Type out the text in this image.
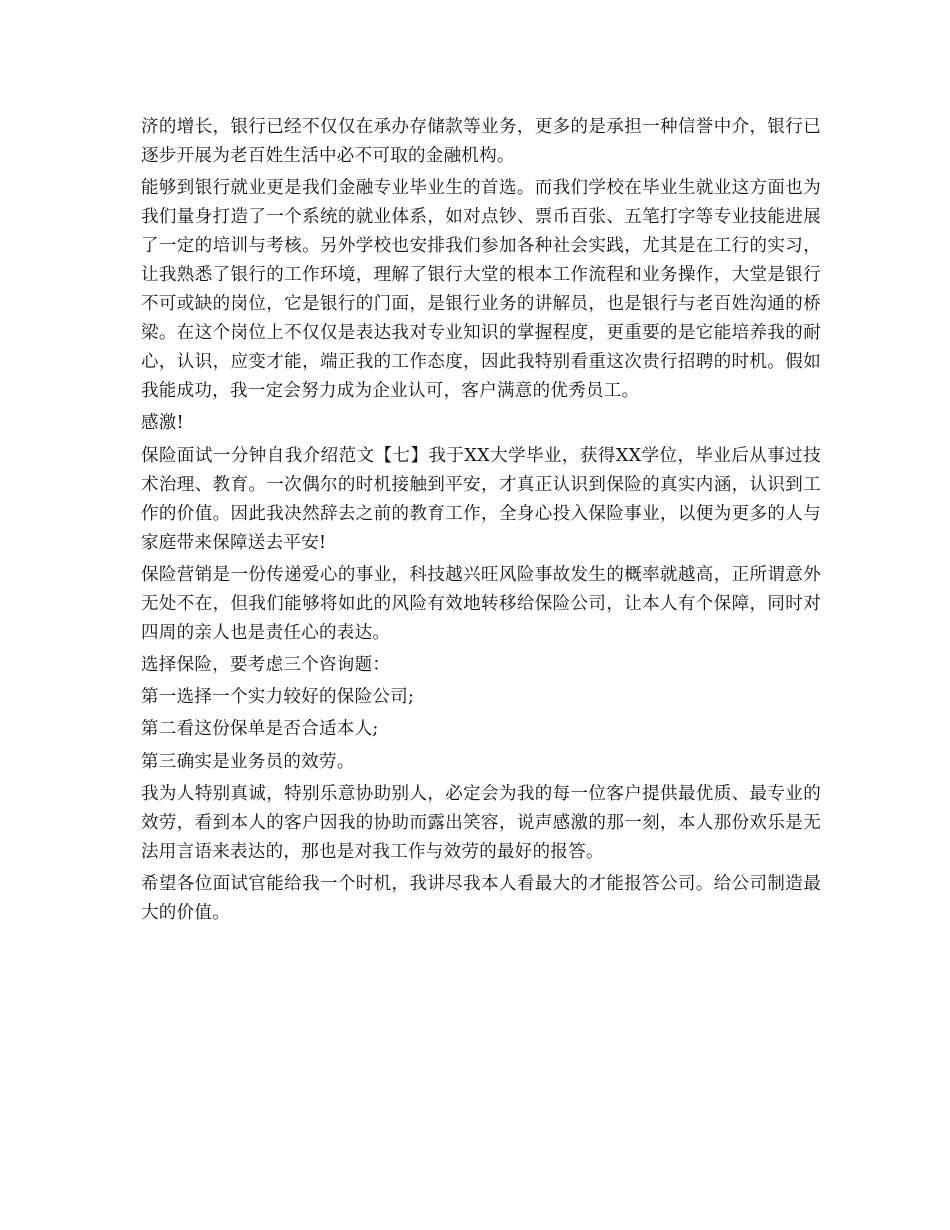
济的增长，银行已经不仅仅在承办存储款等业务，更多的是承担一种信誉中介，银行已逐步开展为老百姓生活中必不可取的金融机构。

能够到银行就业更是我们金融专业毕业生的首选。而我们学校在毕业生就业这方面也为我们量身打造了一个系统的就业体系，如对点钞、票币百张、五笔打字等专业技能进展了一定的培训与考核。另外学校也安排我们参加各种社会实践，尤其是在工行的实习，让我熟悉了银行的工作环境，理解了银行大堂的根本工作流程和业务操作，大堂是银行不可或缺的岗位，它是银行的门面，是银行业务的讲解员，也是银行与老百姓沟通的桥梁。在这个岗位上不仅仅是表达我对专业知识的掌握程度，更重要的是它能培养我的耐心，认识，应变才能，端正我的工作态度，因此我特别看重这次贵行招聘的时机。假如我能成功，我一定会努力成为企业认可，客户满意的优秀员工。

感激!

保险面试一分钟自我介绍范文【七】我于XX大学毕业，获得XX学位，毕业后从事过技术治理、教育。一次偶尔的时机接触到平安，才真正认识到保险的真实内涵，认识到工作的价值。因此我决然辞去之前的教育工作，全身心投入保险事业，以便为更多的人与家庭带来保障送去平安!

保险营销是一份传递爱心的事业，科技越兴旺风险事故发生的概率就越高，正所谓意外无处不在，但我们能够将如此的风险有效地转移给保险公司，让本人有个保障，同时对四周的亲人也是责任心的表达。

选择保险，要考虑三个咨询题：

第一选择一个实力较好的保险公司;

第二看这份保单是否合适本人;

第三确实是业务员的效劳。

我为人特别真诚，特别乐意协助别人，必定会为我的每一位客户提供最优质、最专业的效劳，看到本人的客户因我的协助而露出笑容，说声感激的那一刻，本人那份欢乐是无法用言语来表达的，那也是对我工作与效劳的最好的报答。

希望各位面试官能给我一个时机，我讲尽我本人看最大的才能报答公司。给公司制造最大的价值。
